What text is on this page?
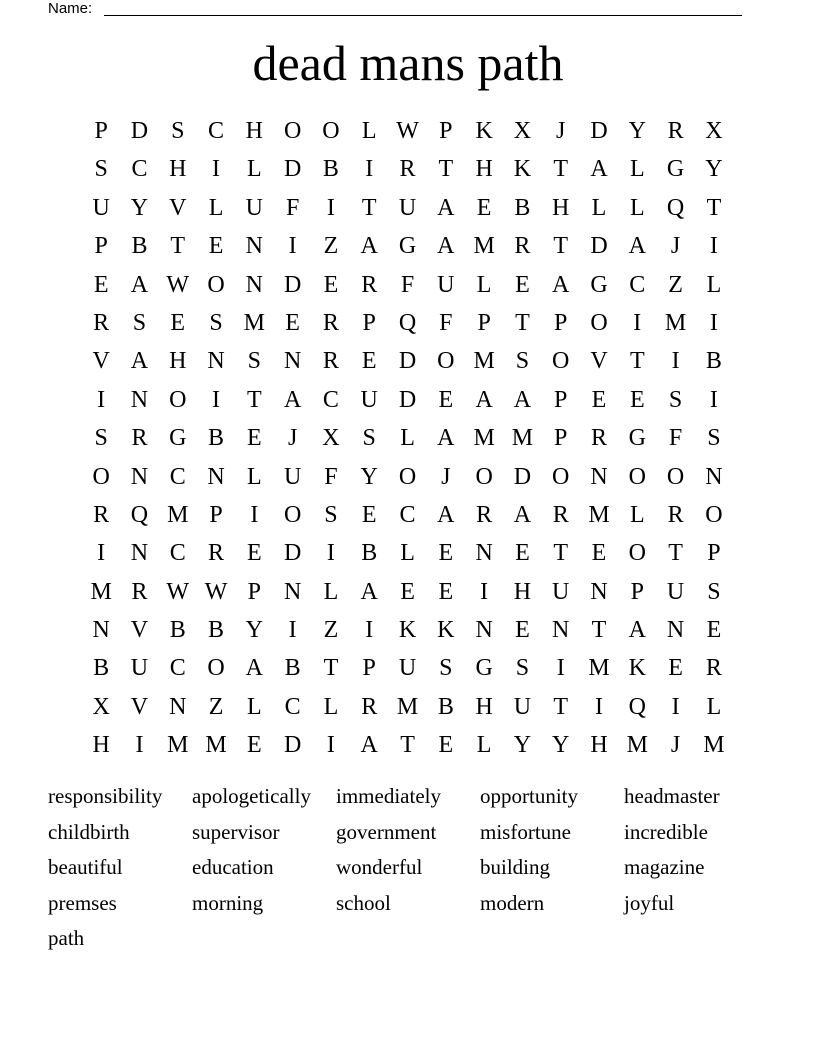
Name:
dead mans path
P D S C H O O L W P K X	J	D Y R X
S C H	I	L D B	I	R T H K T A L G Y
U Y V L U F	I	T U A E B H L L Q T
P B T E N	I	Z A G A M R T D A	J	I
E A W O N D E R F U L E A G C Z L
R S	E	S M E R P Q F	P	T	P O	I M I
V A H N S N R E D O M S O V T	I	B
I	N O	I	T A C U D E A A P	E E	S	I
S R G B E	J	X S	L A M M P R G F	S
O N C N L U F Y O	J	O D O N O O N
R Q M P	I	O S	E C A R A R M L R O
I	N C R E D	I	B L E N E T E O T	P
M R W W P N L A E E	I	H U N P U S
N V B B Y	I	Z	I	K K N E N T A N E
B U C O A B T	P U S G S	I M K E R
X V N Z L C L R M B H U T	I	Q	I	L
H	I M M E D	I	A T E L Y Y H M J M
responsibility	apologetically	immediately	opportunity	headmaster
childbirth	supervisor	government	misfortune	incredible
beautiful	education	wonderful	building	magazine
premses	morning	school	modern	joyful
path
